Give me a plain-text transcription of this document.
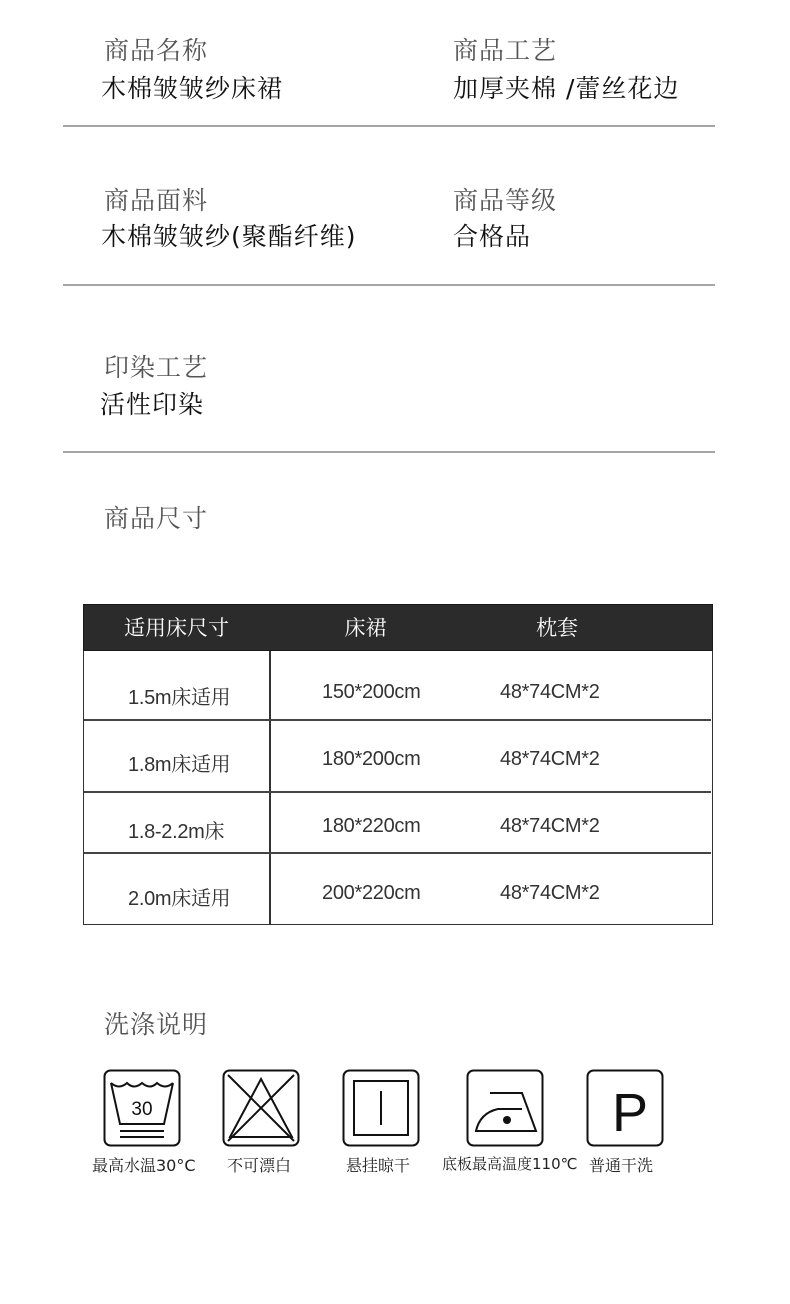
商品名称
木棉皱皱纱床裙
商品工艺
加厚夹棉 /蕾丝花边
商品面料
木棉皱皱纱(聚酯纤维)
商品等级
合格品
印染工艺
活性印染
商品尺寸
适用床尺寸	床裙	枕套
1.5m床适用	150*200cm	48*74CM*2
1.8m床适用	180*200cm	48*74CM*2
1.8-2.2m床	180*220cm	48*74CM*2
2.0m床适用	200*220cm	48*74CM*2
洗涤说明
30
最高水温30°C 不可漂白	悬挂晾干 底板最高温度110℃
P
普通干洗
